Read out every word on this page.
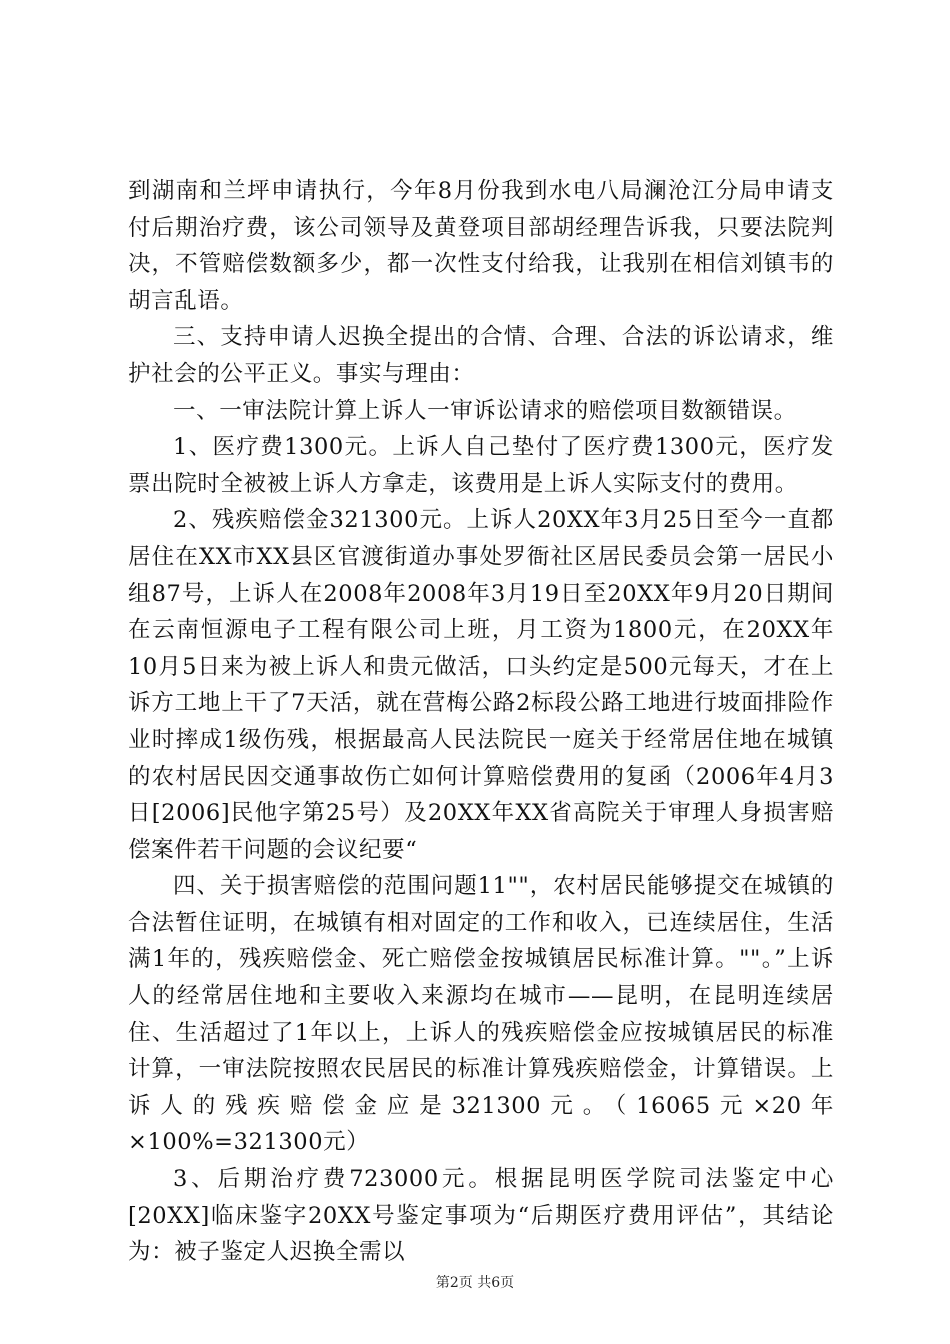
到湖南和兰坪申请执行，今年8月份我到水电八局澜沧江分局申请支付后期治疗费，该公司领导及黄登项目部胡经理告诉我，只要法院判决，不管赔偿数额多少，都一次性支付给我，让我别在相信刘镇韦的胡言乱语。

三、支持申请人迟换全提出的合情、合理、合法的诉讼请求，维护社会的公平正义。事实与理由：

一、一审法院计算上诉人一审诉讼请求的赔偿项目数额错误。

1、医疗费1300元。上诉人自己垫付了医疗费1300元，医疗发票出院时全被被上诉人方拿走，该费用是上诉人实际支付的费用。

2、残疾赔偿金321300元。上诉人20XX年3月25日至今一直都居住在XX市XX县区官渡街道办事处罗衙社区居民委员会第一居民小组87号，上诉人在2008年2008年3月19日至20XX年9月20日期间在云南恒源电子工程有限公司上班，月工资为1800元，在20XX年10月5日来为被上诉人和贵元做活，口头约定是500元每天，才在上诉方工地上干了7天活，就在营梅公路2标段公路工地进行坡面排险作业时摔成1级伤残，根据最高人民法院民一庭关于经常居住地在城镇的农村居民因交通事故伤亡如何计算赔偿费用的复函（2006年4月3日[2006]民他字第25号）及20XX年XX省高院关于审理人身损害赔偿案件若干问题的会议纪要“

四、关于损害赔偿的范围问题11""，农村居民能够提交在城镇的合法暂住证明，在城镇有相对固定的工作和收入，已连续居住，生活满1年的，残疾赔偿金、死亡赔偿金按城镇居民标准计算。""。”上诉人的经常居住地和主要收入来源均在城市——昆明，在昆明连续居住、生活超过了1年以上，上诉人的残疾赔偿金应按城镇居民的标准计算，一审法院按照农民居民的标准计算残疾赔偿金，计算错误。上诉人的残疾赔偿金应是321300元。（16065元×20年×100%=321300元）

3、后期治疗费723000元。根据昆明医学院司法鉴定中心[20XX]临床鉴字20XX号鉴定事项为“后期医疗费用评估”，其结论为：被子鉴定人迟换全需以

第2页 共6页
